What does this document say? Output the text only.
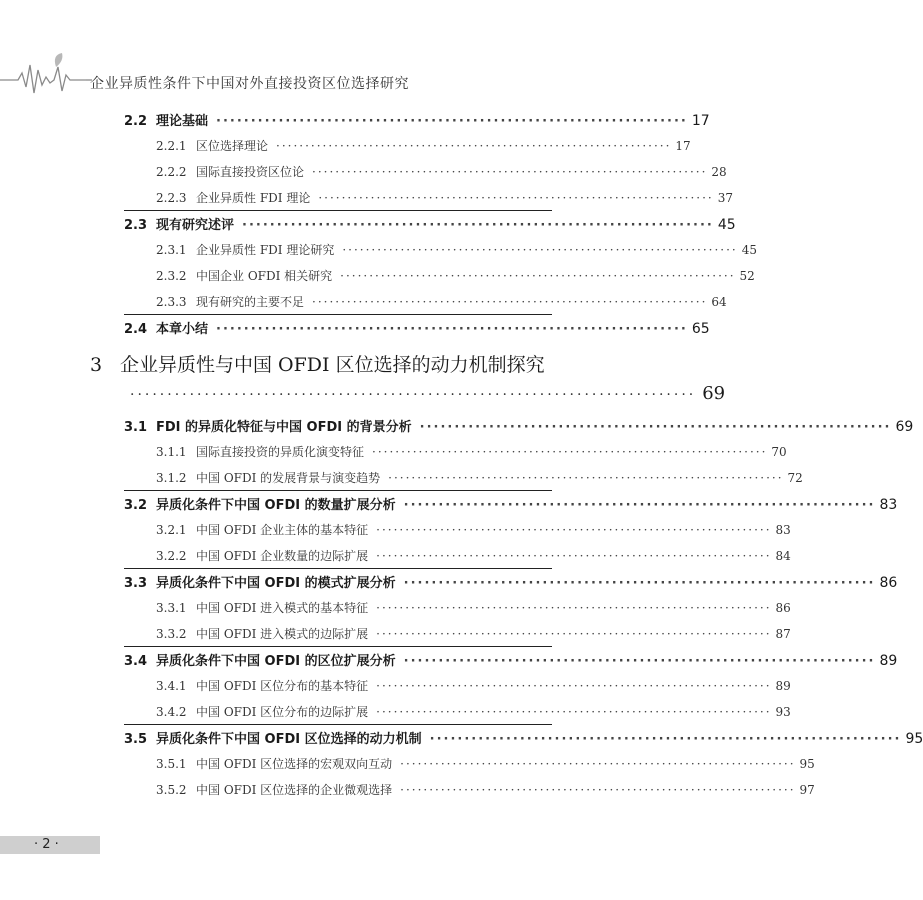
企业异质性条件下中国对外直接投资区位选择研究
2.2 理论基础 ···································································· 17
2.2.1 区位选择理论 ···································································· 17
2.2.2 国际直接投资区位论 ···································································· 28
2.2.3 企业异质性 FDI 理论 ···································································· 37
2.3 现有研究述评 ···································································· 45
2.3.1 企业异质性 FDI 理论研究 ···································································· 45
2.3.2 中国企业 OFDI 相关研究 ···································································· 52
2.3.3 现有研究的主要不足 ···································································· 64
2.4 本章小结 ···································································· 65
3 企业异质性与中国 OFDI 区位选择的动力机制探究
············································································ 69
3.1 FDI 的异质化特征与中国 OFDI 的背景分析 ···································································· 69
3.1.1 国际直接投资的异质化演变特征 ···································································· 70
3.1.2 中国 OFDI 的发展背景与演变趋势 ···································································· 72
3.2 异质化条件下中国 OFDI 的数量扩展分析 ···································································· 83
3.2.1 中国 OFDI 企业主体的基本特征 ···································································· 83
3.2.2 中国 OFDI 企业数量的边际扩展 ···································································· 84
3.3 异质化条件下中国 OFDI 的模式扩展分析 ···································································· 86
3.3.1 中国 OFDI 进入模式的基本特征 ···································································· 86
3.3.2 中国 OFDI 进入模式的边际扩展 ···································································· 87
3.4 异质化条件下中国 OFDI 的区位扩展分析 ···································································· 89
3.4.1 中国 OFDI 区位分布的基本特征 ···································································· 89
3.4.2 中国 OFDI 区位分布的边际扩展 ···································································· 93
3.5 异质化条件下中国 OFDI 区位选择的动力机制 ···································································· 95
3.5.1 中国 OFDI 区位选择的宏观双向互动 ···································································· 95
3.5.2 中国 OFDI 区位选择的企业微观选择 ···································································· 97
· 2 ·
